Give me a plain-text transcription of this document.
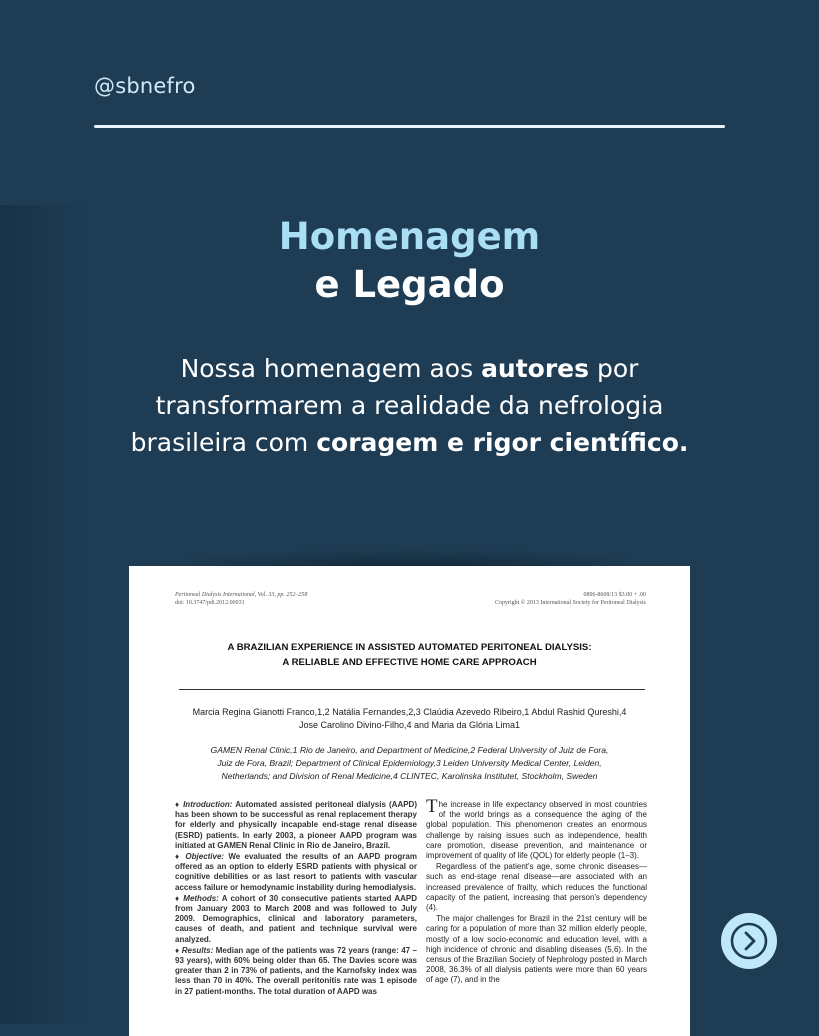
@sbnefro
Homenagem
e Legado
Nossa homenagem aos autores por transformarem a realidade da nefrologia brasileira com coragem e rigor científico.
Peritoneal Dialysis International, Vol. 33, pp. 252–258
doi: 10.3747/pdi.2012.00031
0896-8608/13 $3.00 + .00
Copyright © 2013 International Society for Peritoneal Dialysis
A BRAZILIAN EXPERIENCE IN ASSISTED AUTOMATED PERITONEAL DIALYSIS:
A RELIABLE AND EFFECTIVE HOME CARE APPROACH
Marcia Regina Gianotti Franco,1,2 Natália Fernandes,2,3 Claúdia Azevedo Ribeiro,1 Abdul Rashid Qureshi,4
Jose Carolino Divino-Filho,4 and Maria da Glória Lima1
GAMEN Renal Clinic,1 Rio de Janeiro, and Department of Medicine,2 Federal University of Juiz de Fora,
Juiz de Fora, Brazil; Department of Clinical Epidemiology,3 Leiden University Medical Center, Leiden,
Netherlands; and Division of Renal Medicine,4 CLINTEC, Karolinska Institutet, Stockholm, Sweden

♦ Introduction: Automated assisted peritoneal dialysis (AAPD) has been shown to be successful as renal replacement therapy for elderly and physically incapable end-stage renal disease (ESRD) patients. In early 2003, a pioneer AAPD program was initiated at GAMEN Renal Clinic in Rio de Janeiro, Brazil.

♦ Objective: We evaluated the results of an AAPD program offered as an option to elderly ESRD patients with physical or cognitive debilities or as last resort to patients with vascular access failure or hemodynamic instability during hemodialysis.

♦ Methods: A cohort of 30 consecutive patients started AAPD from January 2003 to March 2008 and was followed to July 2009. Demographics, clinical and laboratory parameters, causes of death, and patient and technique survival were analyzed.

♦ Results: Median age of the patients was 72 years (range: 47 – 93 years), with 60% being older than 65. The Davies score was greater than 2 in 73% of patients, and the Karnofsky index was less than 70 in 40%. The overall peritonitis rate was 1 episode in 27 patient-months. The total duration of AAPD was

The increase in life expectancy observed in most countries of the world brings as a consequence the aging of the global population. This phenomenon creates an enormous challenge by raising issues such as independence, health care promotion, disease prevention, and maintenance or improvement of quality of life (QOL) for elderly people (1–3).

Regardless of the patient's age, some chronic diseases—such as end-stage renal disease—are associated with an increased prevalence of frailty, which reduces the functional capacity of the patient, increasing that person's dependency (4).

The major challenges for Brazil in the 21st century will be caring for a population of more than 32 million elderly people, mostly of a low socio-economic and education level, with a high incidence of chronic and disabling diseases (5,6). In the census of the Brazilian Society of Nephrology posted in March 2008, 36.3% of all dialysis patients were more than 60 years of age (7), and in the
